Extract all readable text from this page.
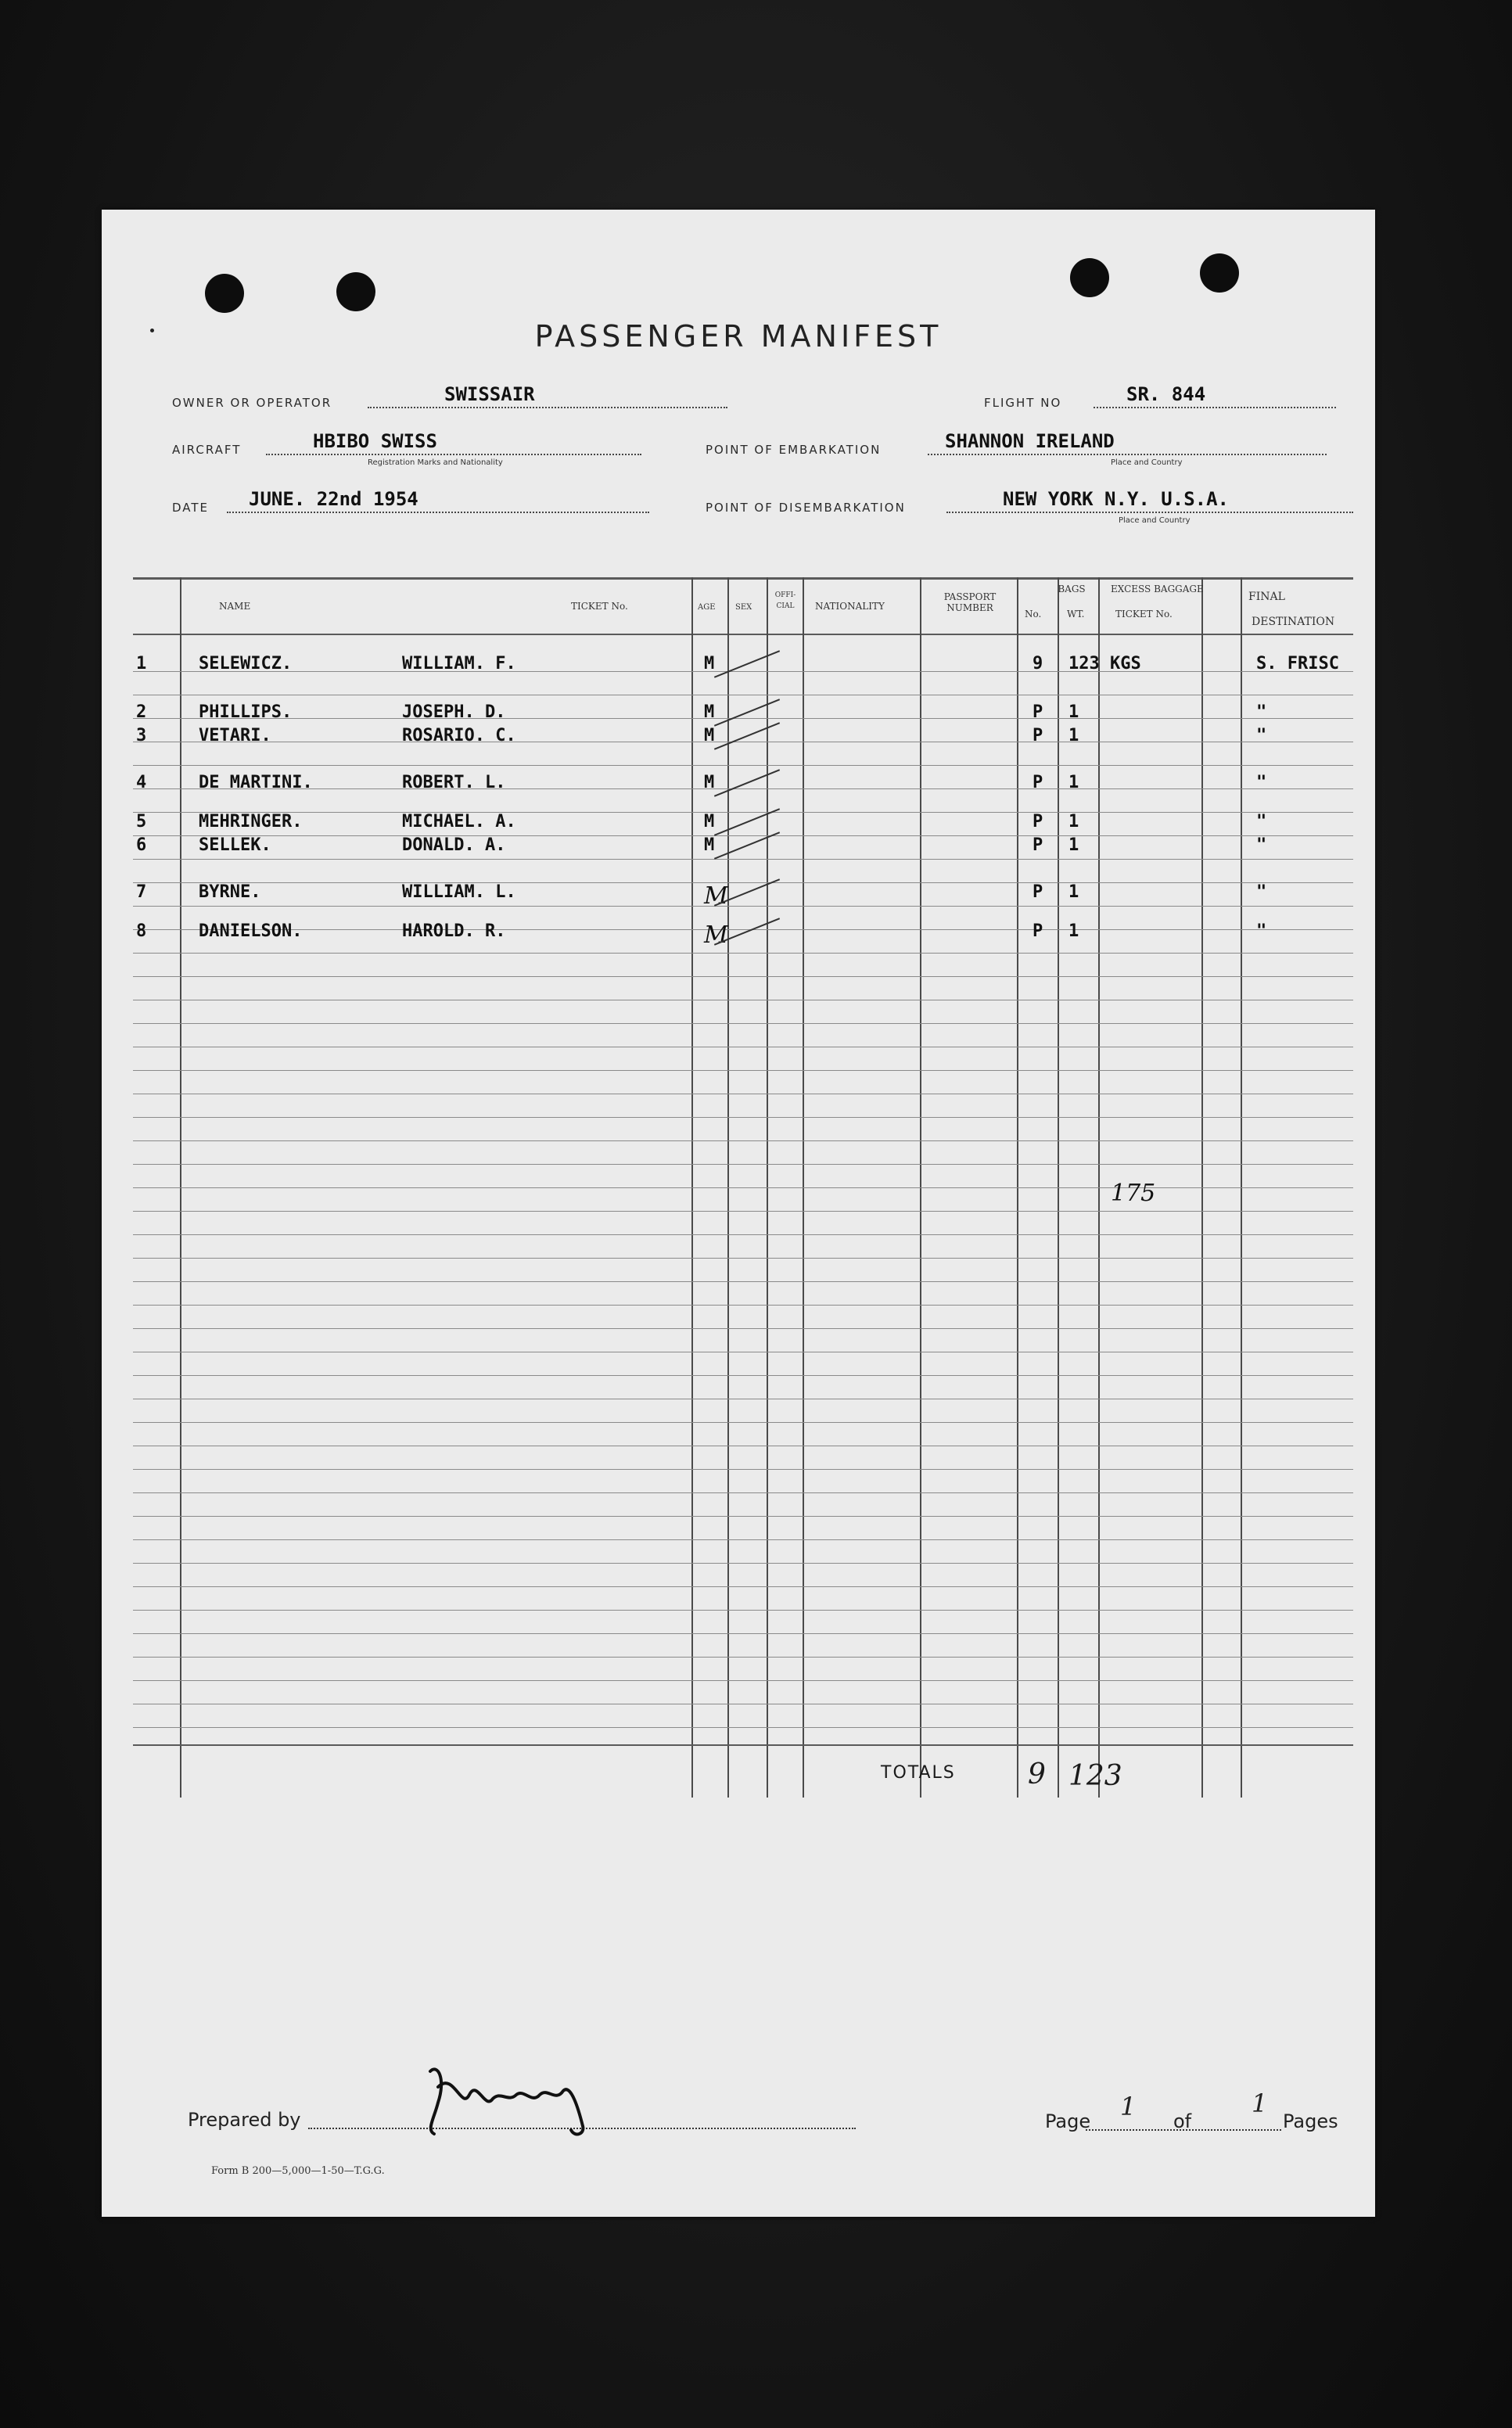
PASSENGER MANIFEST
OWNER OR OPERATOR	SWISSAIR	FLIGHT NO	SR. 844
AIRCRAFT	HBIBO SWISS
Registration Marks and Nationality
POINT OF EMBARKATION	SHANNON IRELAND
Place and Country
DATE JUNE. 22nd 1954	POINT OF DISEMBARKATION	NEW YORK N.Y. U.S.A.
Place and Country
NAME	TICKET No.	AGE	SEX
OFFI- CIAL	NATIONALITY
PASSPORT NUMBER
BAGS
No.	WT.
EXCESS BAGGAGE
TICKET No.
FINAL
DESTINATION
1	SELEWICZ.	WILLIAM. F.	M	9 123 KGS	S. FRISC
2	PHILLIPS.	JOSEPH. D.	M	P 1	"
3	VETARI.	ROSARIO. C.	M	P 1	"
4	DE MARTINI.	ROBERT. L.	M	P 1	"
5	MEHRINGER.	MICHAEL. A.	M	P 1	"
6	SELLEK.	DONALD. A.	M	P 1	"
7	BYRNE.	WILLIAM. L.	M	P 1	"
8	DANIELSON.	HAROLD. R.	M	P 1	"
175
TOTALS	9 123
Prepared by
J Henley
Page 1 of
1
Pages
Form B 200—5,000—1-50—T.G.G.
